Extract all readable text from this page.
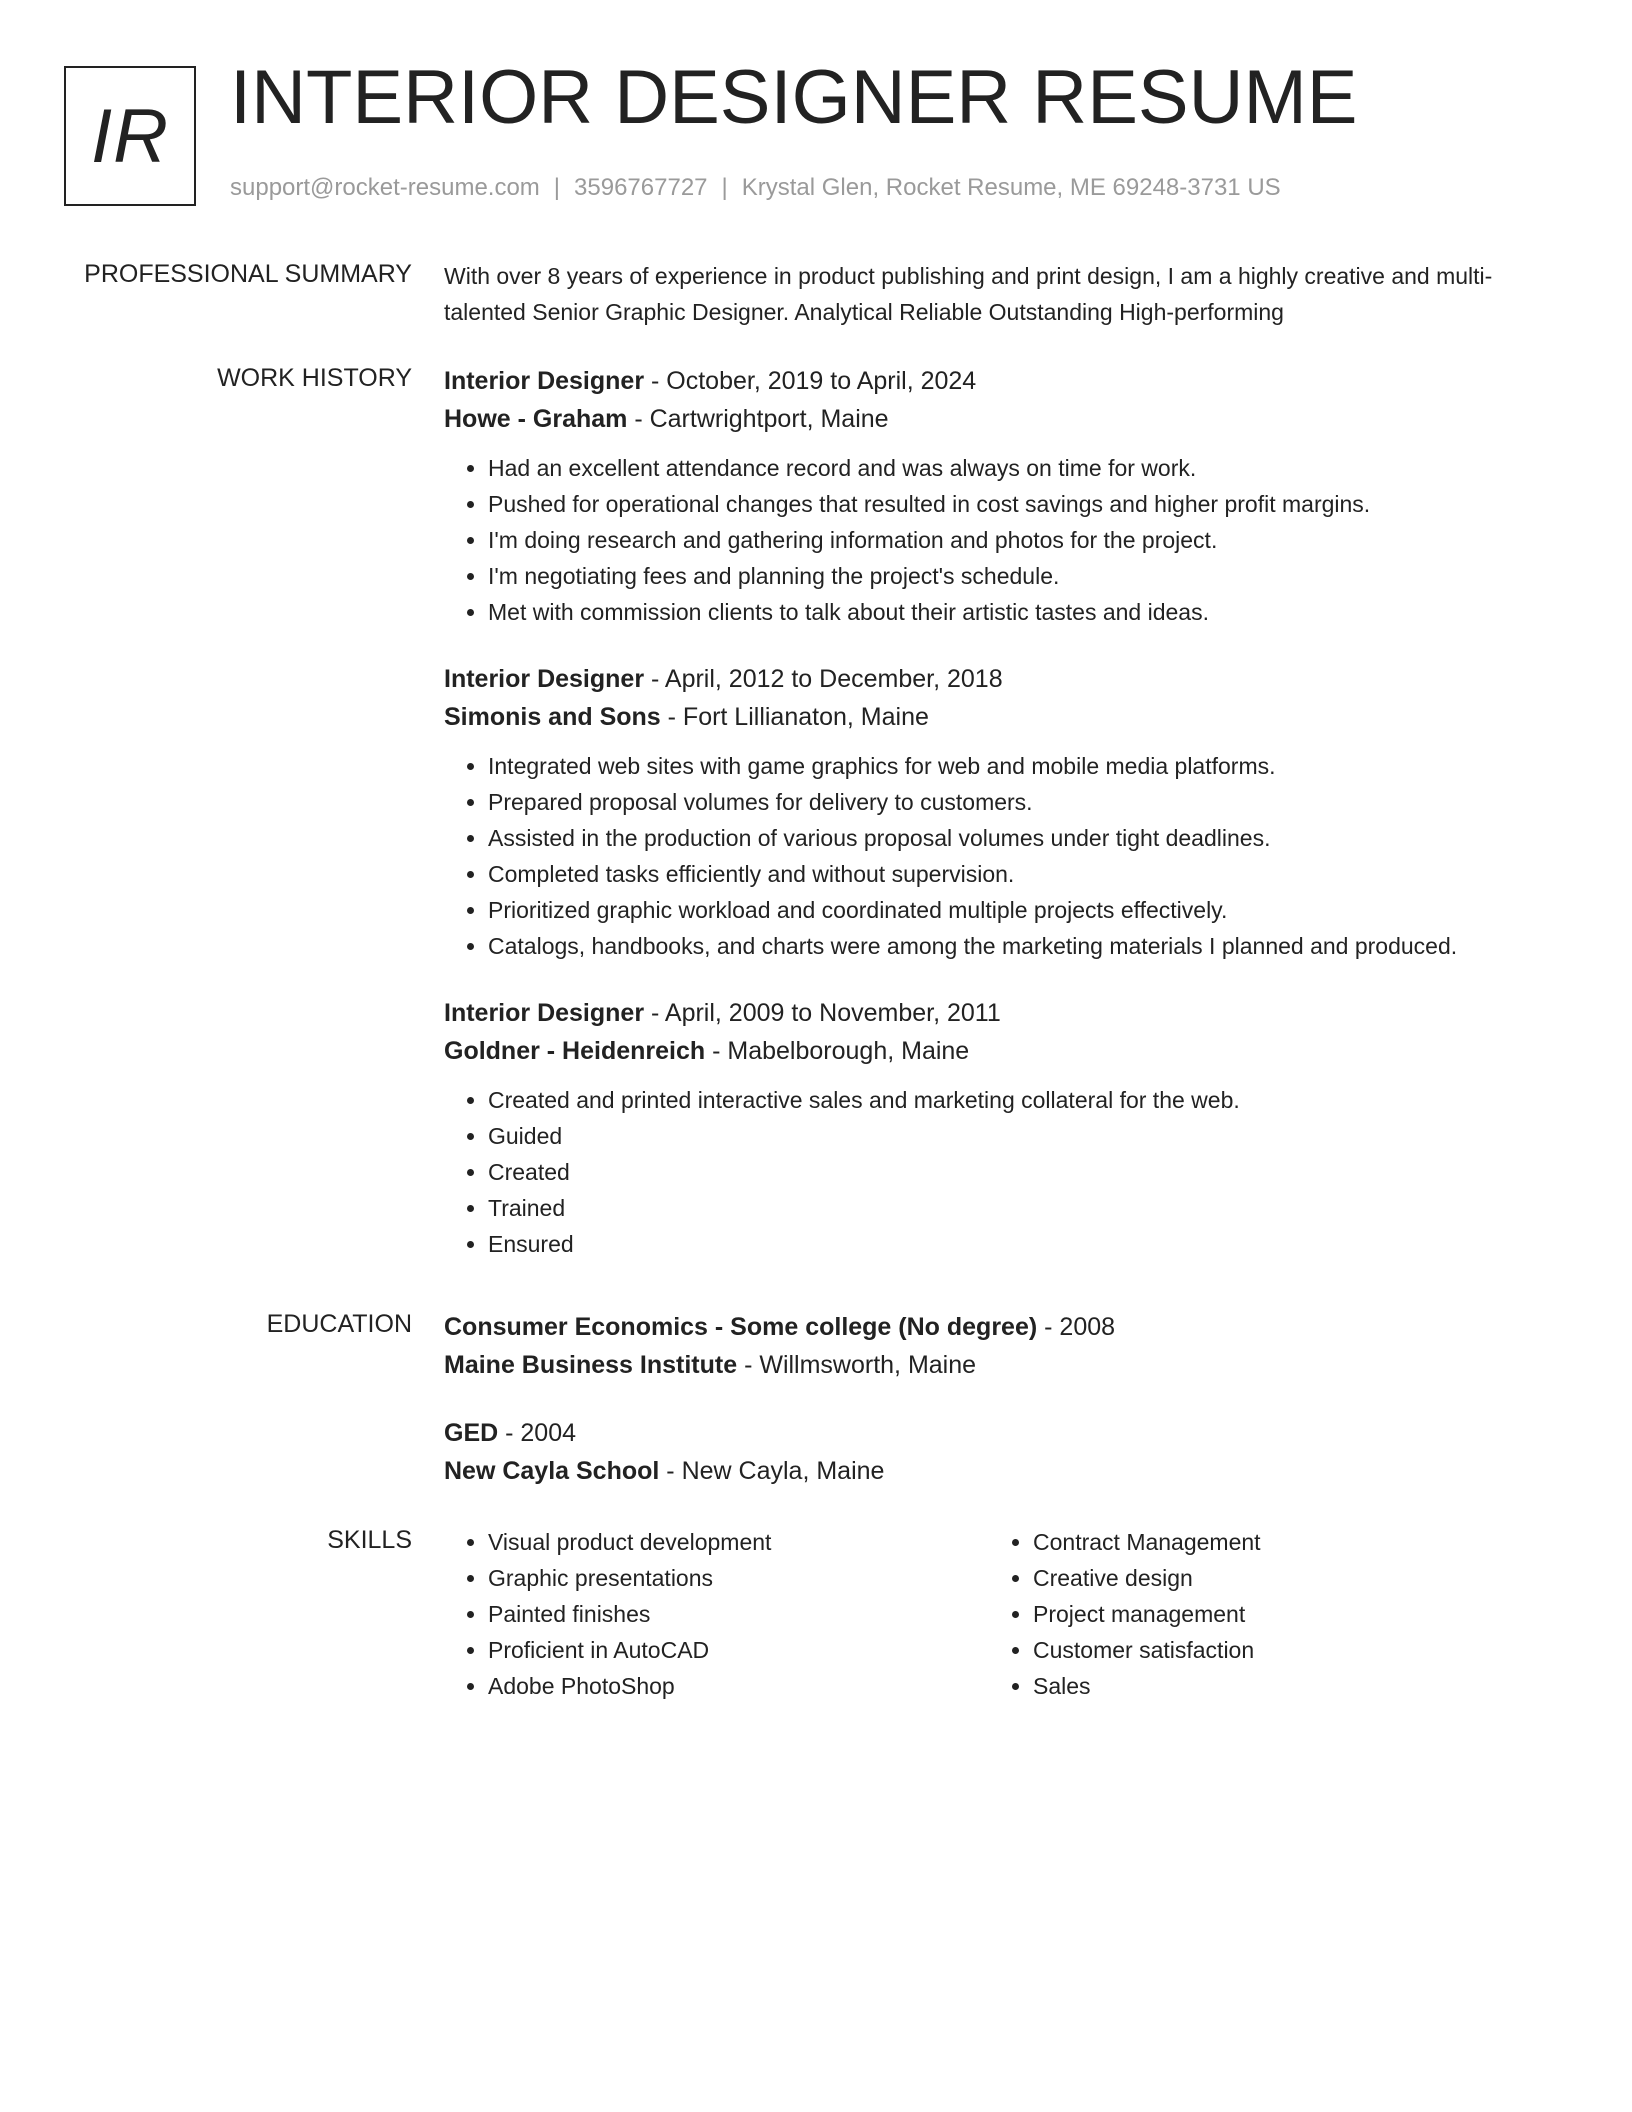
IR INTERIOR DESIGNER RESUME
support@rocket-resume.com | 3596767727 | Krystal Glen, Rocket Resume, ME 69248-3731 US
PROFESSIONAL SUMMARY With over 8 years of experience in product publishing and print design, I am a highly creative and multi-talented Senior Graphic Designer. Analytical Reliable Outstanding High-performing

WORK HISTORY Interior Designer - October, 2019 to April, 2024
Howe - Graham - Cartwrightport, Maine
• Had an excellent attendance record and was always on time for work.
• Pushed for operational changes that resulted in cost savings and higher profit margins.
• I'm doing research and gathering information and photos for the project.
• I'm negotiating fees and planning the project's schedule.
• Met with commission clients to talk about their artistic tastes and ideas.
Interior Designer - April, 2012 to December, 2018
Simonis and Sons - Fort Lillianaton, Maine
• Integrated web sites with game graphics for web and mobile media platforms.
• Prepared proposal volumes for delivery to customers.
• Assisted in the production of various proposal volumes under tight deadlines.
• Completed tasks efficiently and without supervision.
• Prioritized graphic workload and coordinated multiple projects effectively.
• Catalogs, handbooks, and charts were among the marketing materials I planned and produced.
Interior Designer - April, 2009 to November, 2011
Goldner - Heidenreich - Mabelborough, Maine
• Created and printed interactive sales and marketing collateral for the web.
• Guided
• Created
• Trained
• Ensured
EDUCATION Consumer Economics - Some college (No degree) - 2008
Maine Business Institute - Willmsworth, Maine
GED - 2004
New Cayla School - New Cayla, Maine
SKILLS
•	Visual product development
• Graphic presentations
• Painted finishes
• Proficient in AutoCAD
• Adobe PhotoShop
• Contract Management
• Creative design
• Project management
• Customer satisfaction
• Sales
